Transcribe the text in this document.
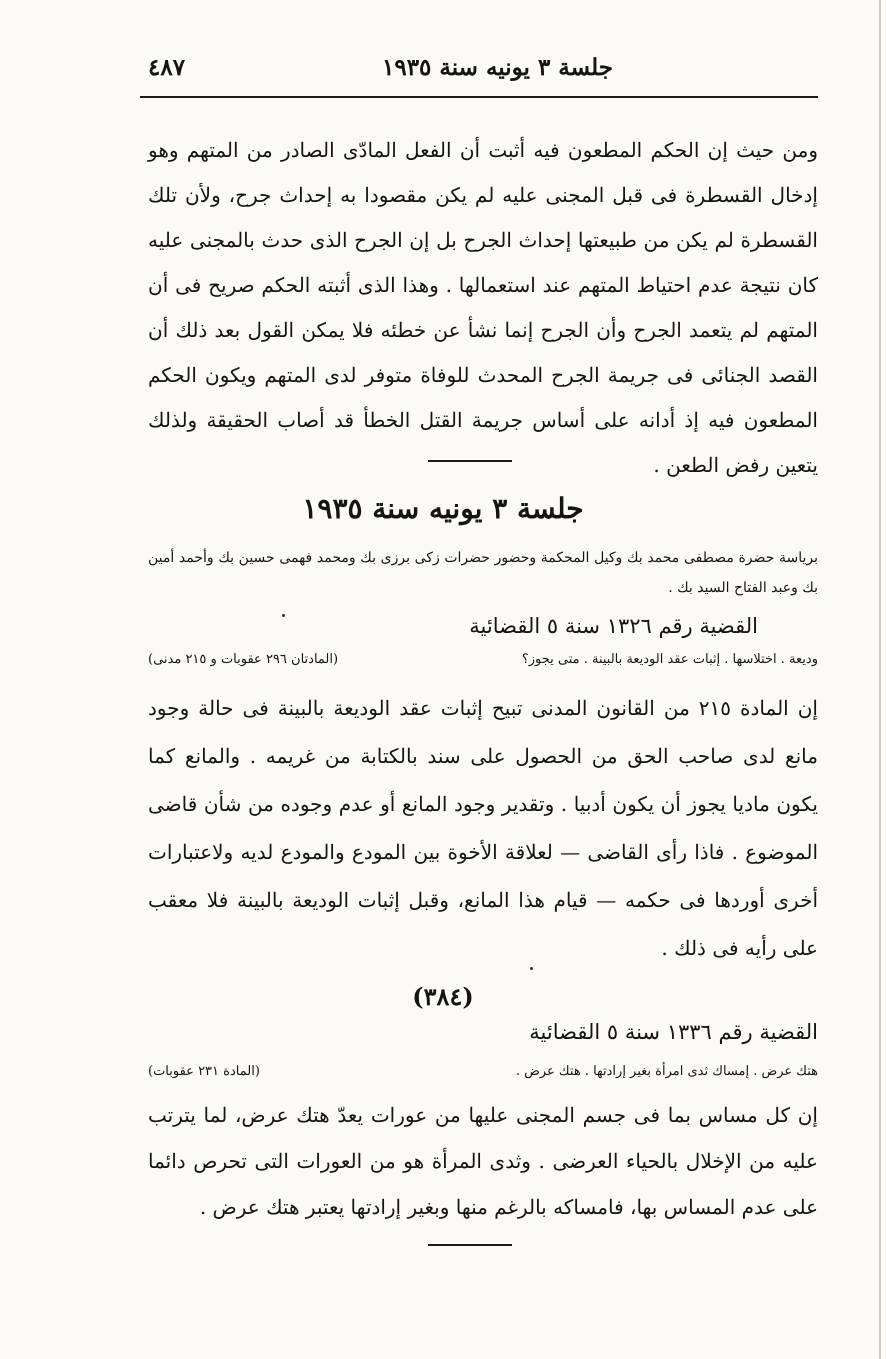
جلسة ٣ يونيه سنة ١٩٣٥
٤٨٧

ومن حيث إن الحكم المطعون فيه أثبت أن الفعل المادّى الصادر من المتهم وهو إدخال القسطرة فى قبل المجنى عليه لم يكن مقصودا به إحداث جرح، ولأن تلك القسطرة لم يكن من طبيعتها إحداث الجرح بل إن الجرح الذى حدث بالمجنى عليه كان نتيجة عدم احتياط المتهم عند استعمالها . وهذا الذى أثبته الحكم صريح فى أن المتهم لم يتعمد الجرح وأن الجرح إنما نشأ عن خطئه فلا يمكن القول بعد ذلك أن القصد الجنائى فى جريمة الجرح المحدث للوفاة متوفر لدى المتهم ويكون الحكم المطعون فيه إذ أدانه على أساس جريمة القتل الخطأ قد أصاب الحقيقة ولذلك يتعين رفض الطعن .

جلسة ٣ يونيه سنة ١٩٣٥

برياسة حضرة مصطفى محمد بك وكيل المحكمة وحضور حضرات زكى برزى بك ومحمد فهمى حسين بك وأحمد أمين بك وعبد الفتاح السيد بك .

القضية رقم ١٣٢٦ سنة ٥ القضائية
وديعة . اختلاسها . إثبات عقد الوديعة بالبينة . متى يجوز؟
(المادتان ٢٩٦ عقوبات و ٢١٥ مدنى)

إن المادة ٢١٥ من القانون المدنى تبيح إثبات عقد الوديعة بالبينة فى حالة وجود مانع لدى صاحب الحق من الحصول على سند بالكتابة من غريمه . والمانع كما يكون ماديا يجوز أن يكون أدبيا . وتقدير وجود المانع أو عدم وجوده من شأن قاضى الموضوع . فاذا رأى القاضى — لعلاقة الأخوة بين المودع والمودع لديه ولاعتبارات أخرى أوردها فى حكمه — قيام هذا المانع، وقبل إثبات الوديعة بالبينة فلا معقب على رأيه فى ذلك .

(٣٨٤)
القضية رقم ١٣٣٦ سنة ٥ القضائية
هتك عرض . إمساك ثدى امرأة بغير إرادتها . هتك عرض .
(المادة ٢٣١ عقوبات)

إن كل مساس بما فى جسم المجنى عليها من عورات يعدّ هتك عرض، لما يترتب عليه من الإخلال بالحياء العرضى . وثدى المرأة هو من العورات التى تحرص دائما على عدم المساس بها، فامساكه بالرغم منها وبغير إرادتها يعتبر هتك عرض .
